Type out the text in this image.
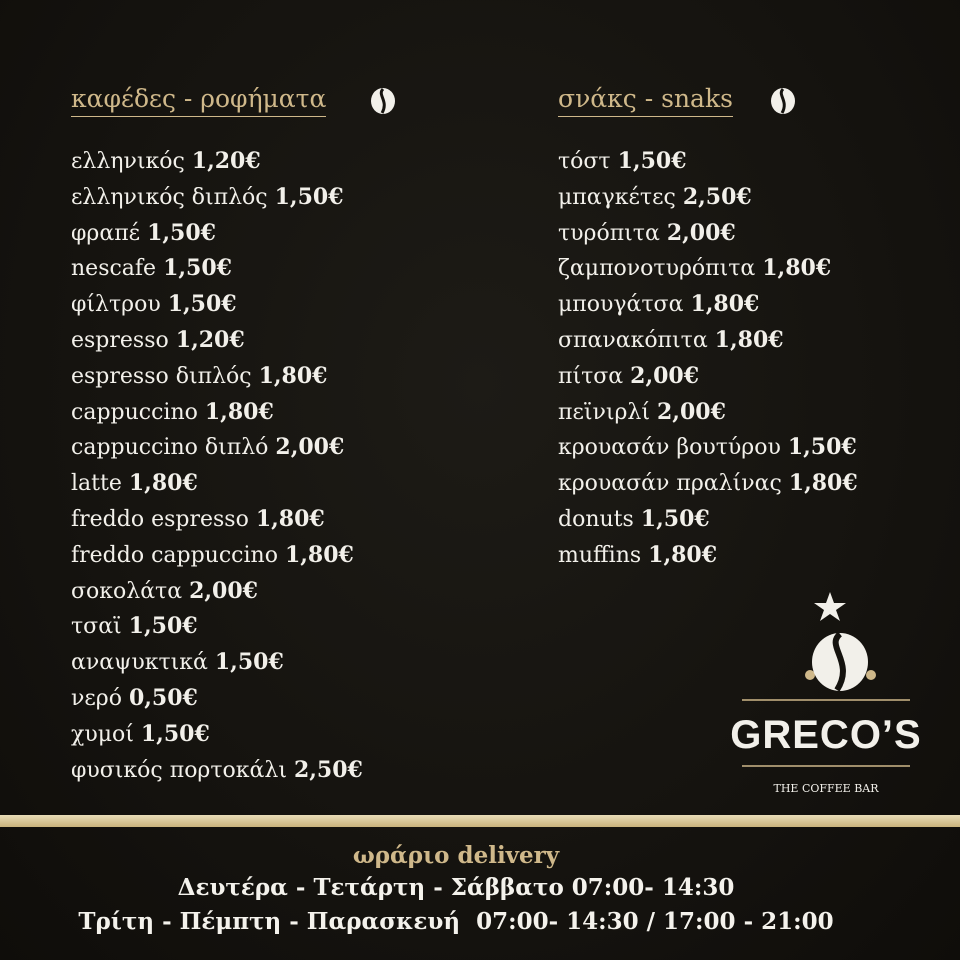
καφέδες - ροφήματα
ελληνικός 1,20€
ελληνικός διπλός 1,50€
φραπέ 1,50€
nescafe 1,50€
φίλτρου 1,50€
espresso 1,20€
espresso διπλός 1,80€
cappuccino 1,80€
cappuccino διπλό 2,00€
latte 1,80€
freddo espresso 1,80€
freddo cappuccino 1,80€
σοκολάτα 2,00€
τσαϊ 1,50€
αναψυκτικά 1,50€
νερό 0,50€
χυμοί 1,50€
φυσικός πορτοκάλι 2,50€
σνάκς - snaks
τόστ 1,50€
μπαγκέτες 2,50€
τυρόπιτα 2,00€
ζαμπονοτυρόπιτα 1,80€
μπουγάτσα 1,80€
σπανακόπιτα 1,80€
πίτσα 2,00€
πεϊνιρλί 2,00€
κρουασάν βουτύρου 1,50€
κρουασάν πραλίνας 1,80€
donuts 1,50€
muffins 1,80€
GRECO’S
THE COFFEE BAR
ωράριο delivery
Δευτέρα - Τετάρτη - Σάββατο 07:00- 14:30
Τρίτη - Πέμπτη - Παρασκευή  07:00- 14:30 / 17:00 - 21:00
